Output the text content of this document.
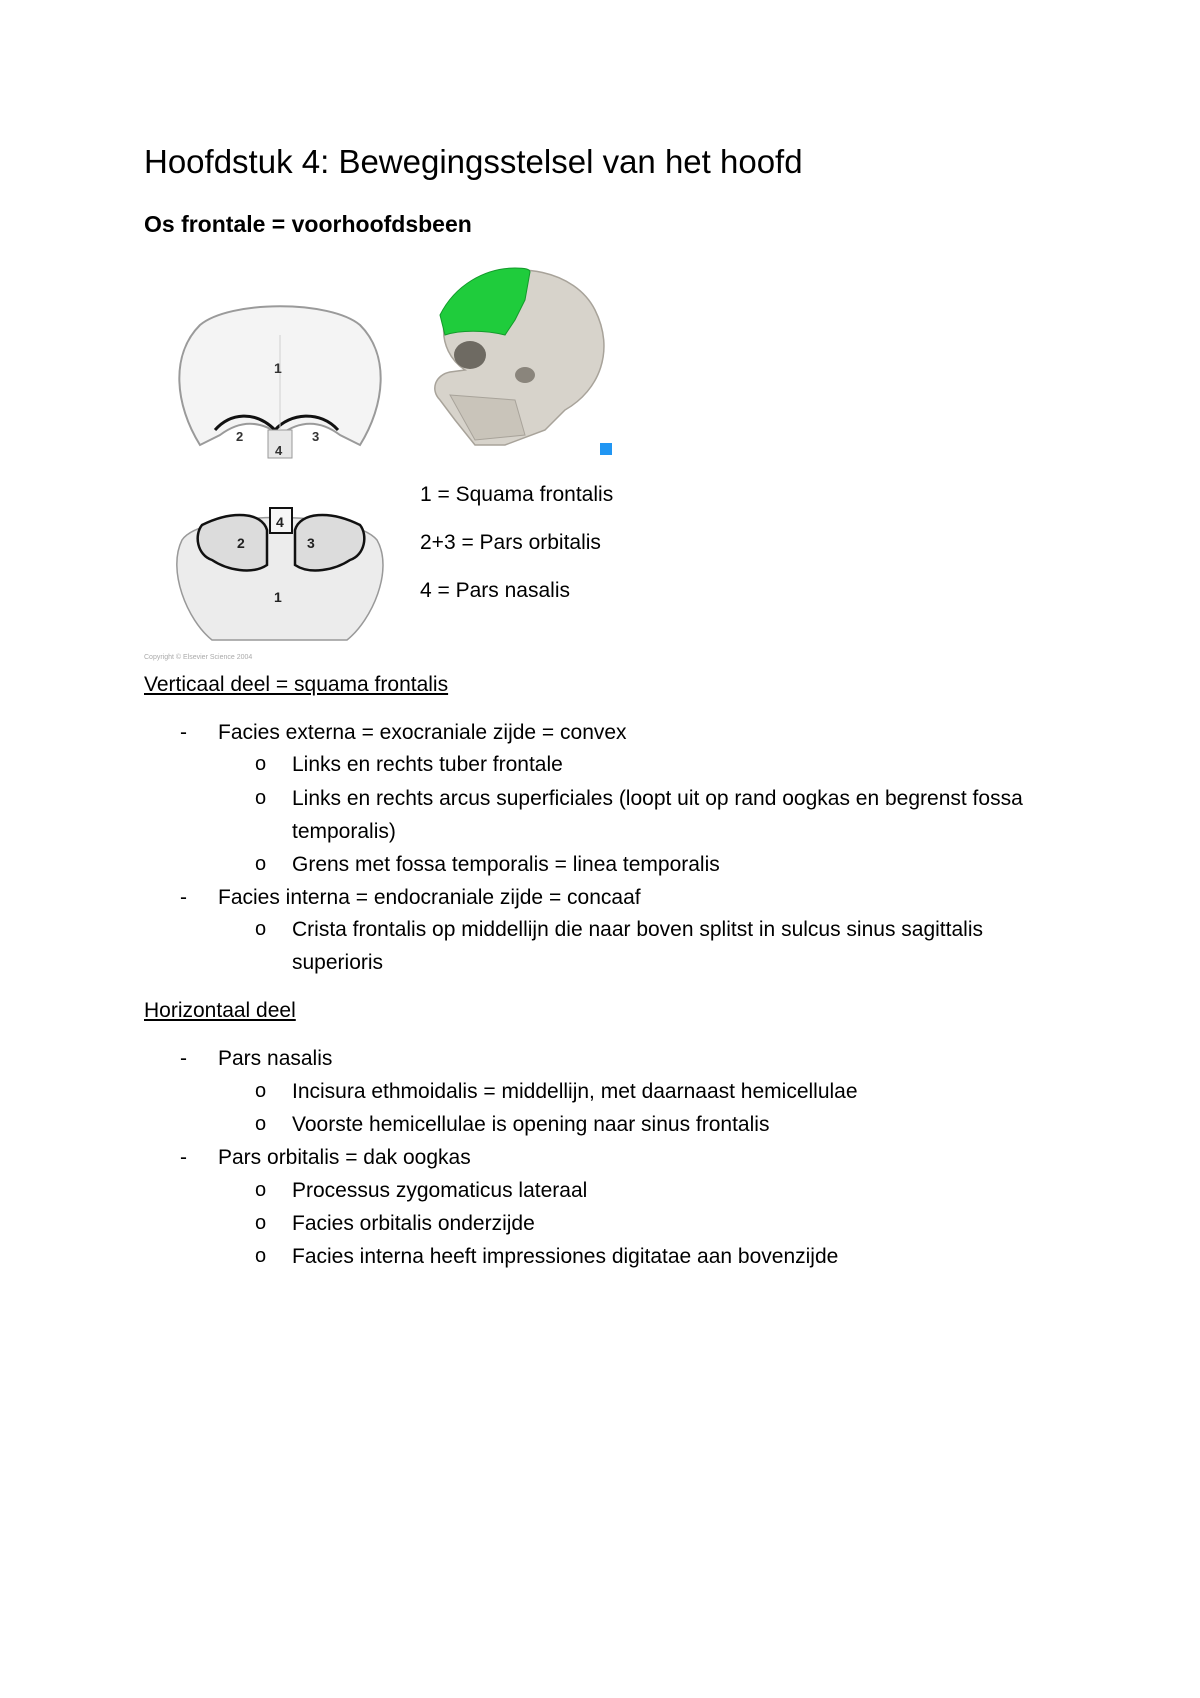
Hoofdstuk 4: Bewegingsstelsel van het hoofd
Os frontale = voorhoofdsbeen
1
2
4
3
4
2	3
1
Copyright © Elsevier Science 2004
1 = Squama frontalis
2+3 = Pars orbitalis
4 = Pars nasalis
Verticaal deel = squama frontalis
- Facies externa = exocraniale zijde = convex
o Links en rechts tuber frontale
o Links en rechts arcus superficiales (loopt uit op rand oogkas en begrenst fossa
temporalis)
o Grens met fossa temporalis = linea temporalis
- Facies interna = endocraniale zijde = concaaf
o Crista frontalis op middellijn die naar boven splitst in sulcus sinus sagittalis
superioris
Horizontaal deel
- Pars nasalis
o Incisura ethmoidalis = middellijn, met daarnaast hemicellulae
o Voorste hemicellulae is opening naar sinus frontalis
- Pars orbitalis = dak oogkas
o Processus zygomaticus lateraal
o Facies orbitalis onderzijde
o Facies interna heeft impressiones digitatae aan bovenzijde
